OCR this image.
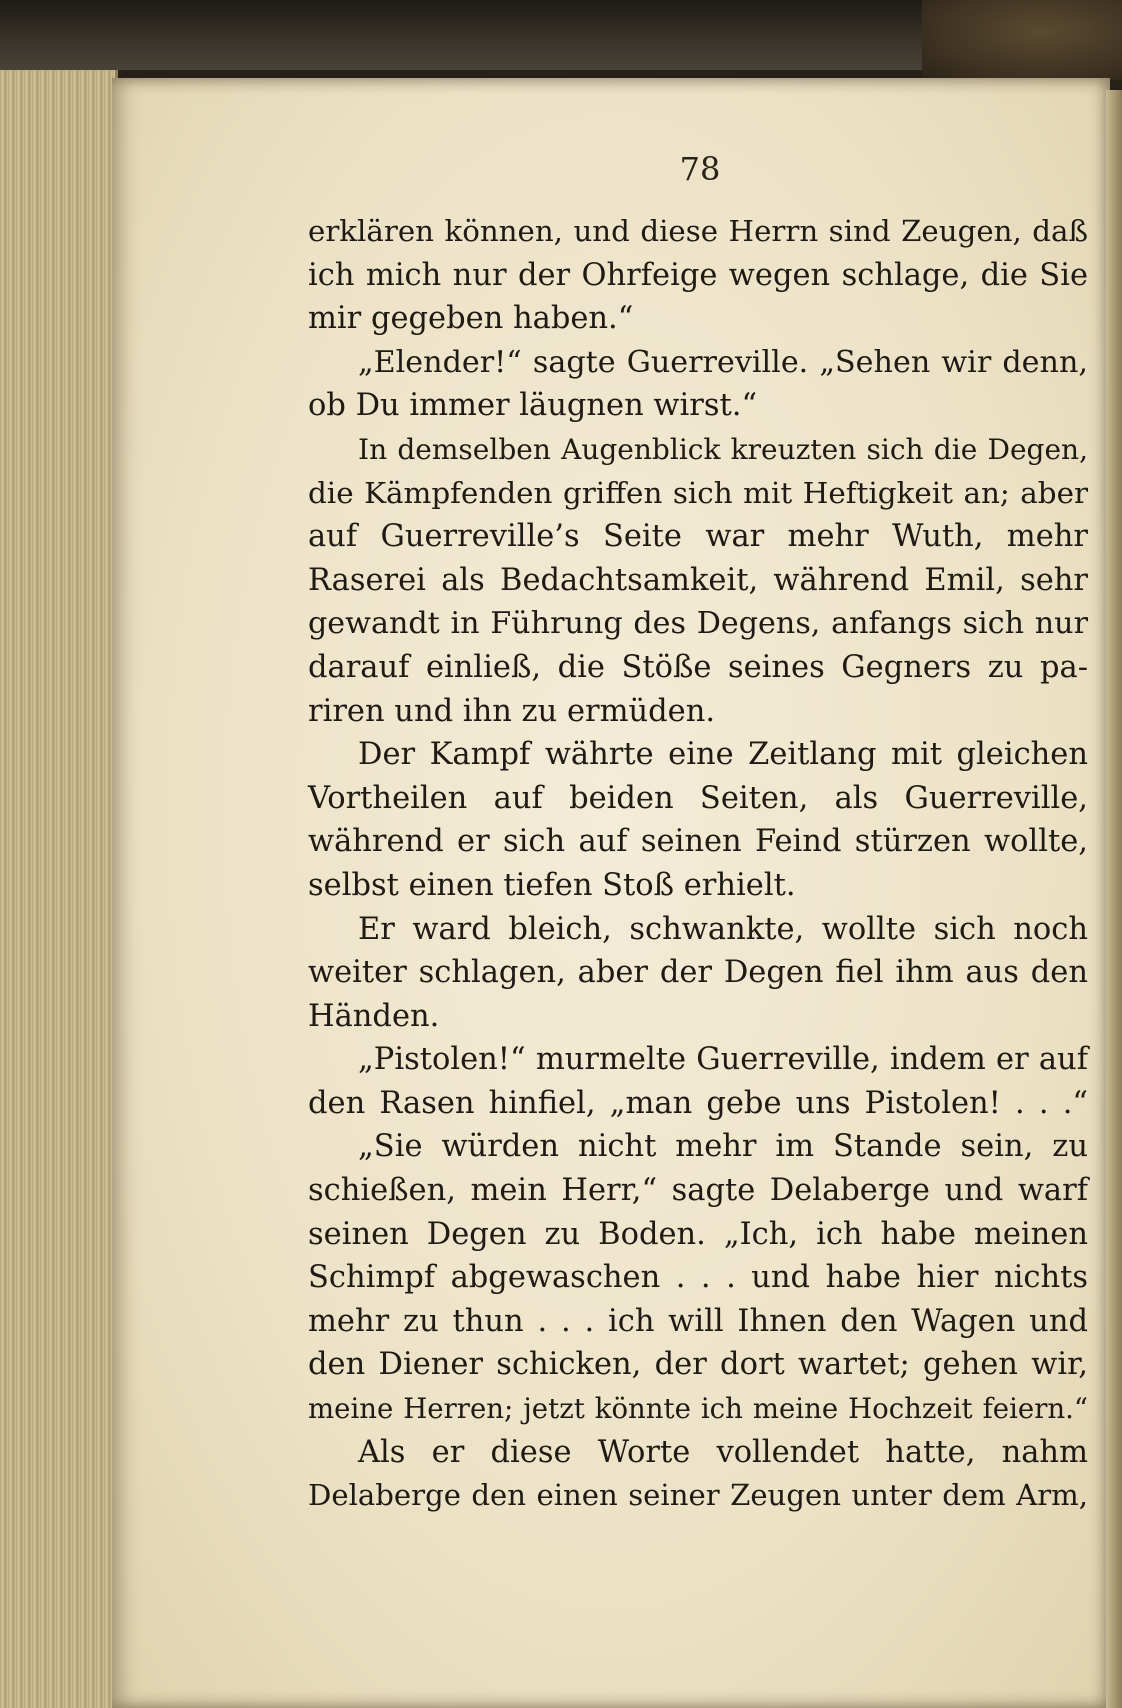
78
erklären können, und diese Herrn sind Zeugen, daß
ich mich nur der Ohrfeige wegen schlage, die Sie
mir gegeben haben.“
„Elender!“ sagte Guerreville. „Sehen wir denn,
ob Du immer läugnen wirst.“
In demselben Augenblick kreuzten sich die Degen,
die Kämpfenden griffen sich mit Heftigkeit an; aber
auf Guerreville’s Seite war mehr Wuth, mehr
Raserei als Bedachtsamkeit, während Emil, sehr
gewandt in Führung des Degens, anfangs sich nur
darauf einließ, die Stöße seines Gegners zu pa-
riren und ihn zu ermüden.
Der Kampf währte eine Zeitlang mit gleichen
Vortheilen auf beiden Seiten, als Guerreville,
während er sich auf seinen Feind stürzen wollte,
selbst einen tiefen Stoß erhielt.
Er ward bleich, schwankte, wollte sich noch
weiter schlagen, aber der Degen fiel ihm aus den
Händen.
„Pistolen!“ murmelte Guerreville, indem er auf
den Rasen hinfiel, „man gebe uns Pistolen! . . .“
„Sie würden nicht mehr im Stande sein, zu
schießen, mein Herr,“ sagte Delaberge und warf
seinen Degen zu Boden. „Ich, ich habe meinen
Schimpf abgewaschen . . . und habe hier nichts
mehr zu thun . . . ich will Ihnen den Wagen und
den Diener schicken, der dort wartet; gehen wir,
meine Herren; jetzt könnte ich meine Hochzeit feiern.“
Als er diese Worte vollendet hatte, nahm
Delaberge den einen seiner Zeugen unter dem Arm,
